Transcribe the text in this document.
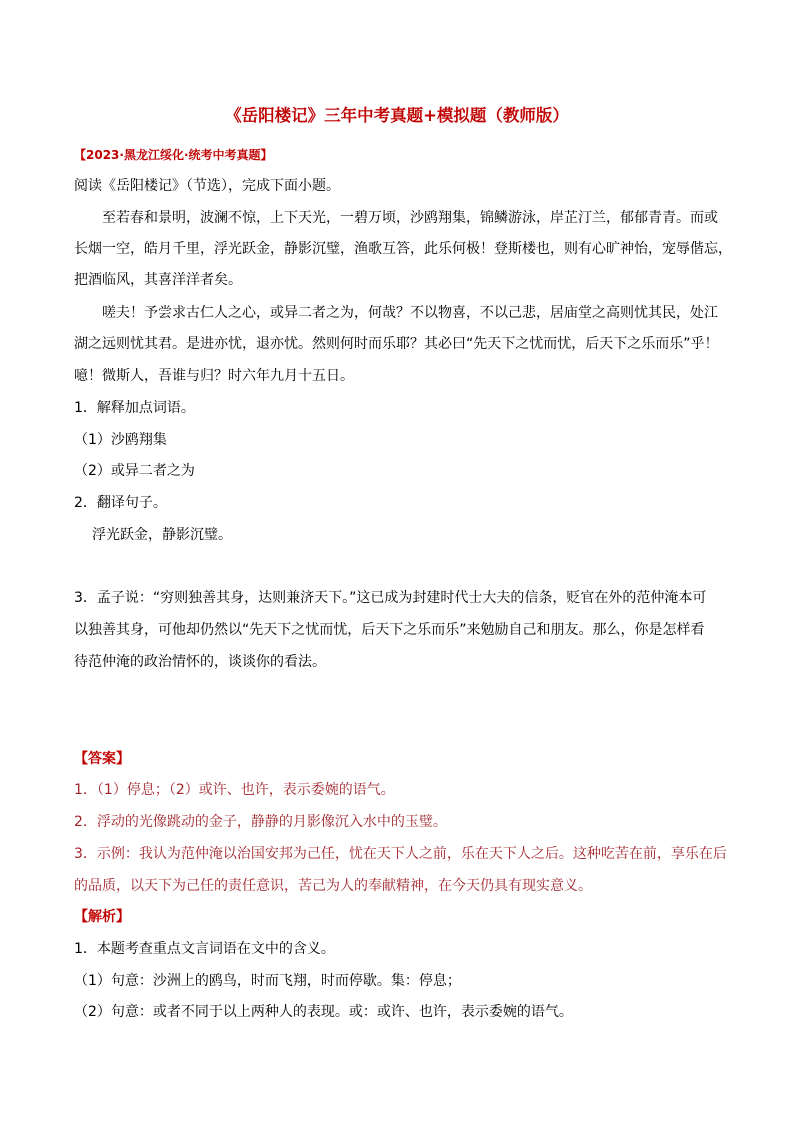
《岳阳楼记》三年中考真题+模拟题（教师版）

【2023·黑龙江绥化·统考中考真题】

阅读《岳阳楼记》（节选），完成下面小题。

至若春和景明，波澜不惊，上下天光，一碧万顷，沙鸥翔集，锦鳞游泳，岸芷汀兰，郁郁青青。而或

长烟一空，皓月千里，浮光跃金，静影沉璧，渔歌互答，此乐何极！登斯楼也，则有心旷神怡，宠辱偕忘，

把酒临风，其喜洋洋者矣。

嗟夫！予尝求古仁人之心，或异二者之为，何哉？不以物喜，不以己悲，居庙堂之高则忧其民，处江

湖之远则忧其君。是进亦忧，退亦忧。然则何时而乐耶？其必曰“先天下之忧而忧，后天下之乐而乐”乎！

噫！微斯人，吾谁与归？时六年九月十五日。

1．解释加点词语。

（1）沙鸥翔集

（2）或异二者之为

2．翻译句子。

浮光跃金，静影沉璧。

3．孟子说：“穷则独善其身，达则兼济天下。”这已成为封建时代士大夫的信条，贬官在外的范仲淹本可

以独善其身，可他却仍然以“先天下之忧而忧，后天下之乐而乐”来勉励自己和朋友。那么，你是怎样看

待范仲淹的政治情怀的，谈谈你的看法。

【答案】

1．（1）停息；（2）或许、也许，表示委婉的语气。

2．浮动的光像跳动的金子，静静的月影像沉入水中的玉璧。

3．示例：我认为范仲淹以治国安邦为己任，忧在天下人之前，乐在天下人之后。这种吃苦在前，享乐在后

的品质，以天下为己任的责任意识，苦己为人的奉献精神，在今天仍具有现实意义。

【解析】

1．本题考查重点文言词语在文中的含义。

（1）句意：沙洲上的鸥鸟，时而飞翔，时而停歇。集：停息；

（2）句意：或者不同于以上两种人的表现。或：或许、也许，表示委婉的语气。
